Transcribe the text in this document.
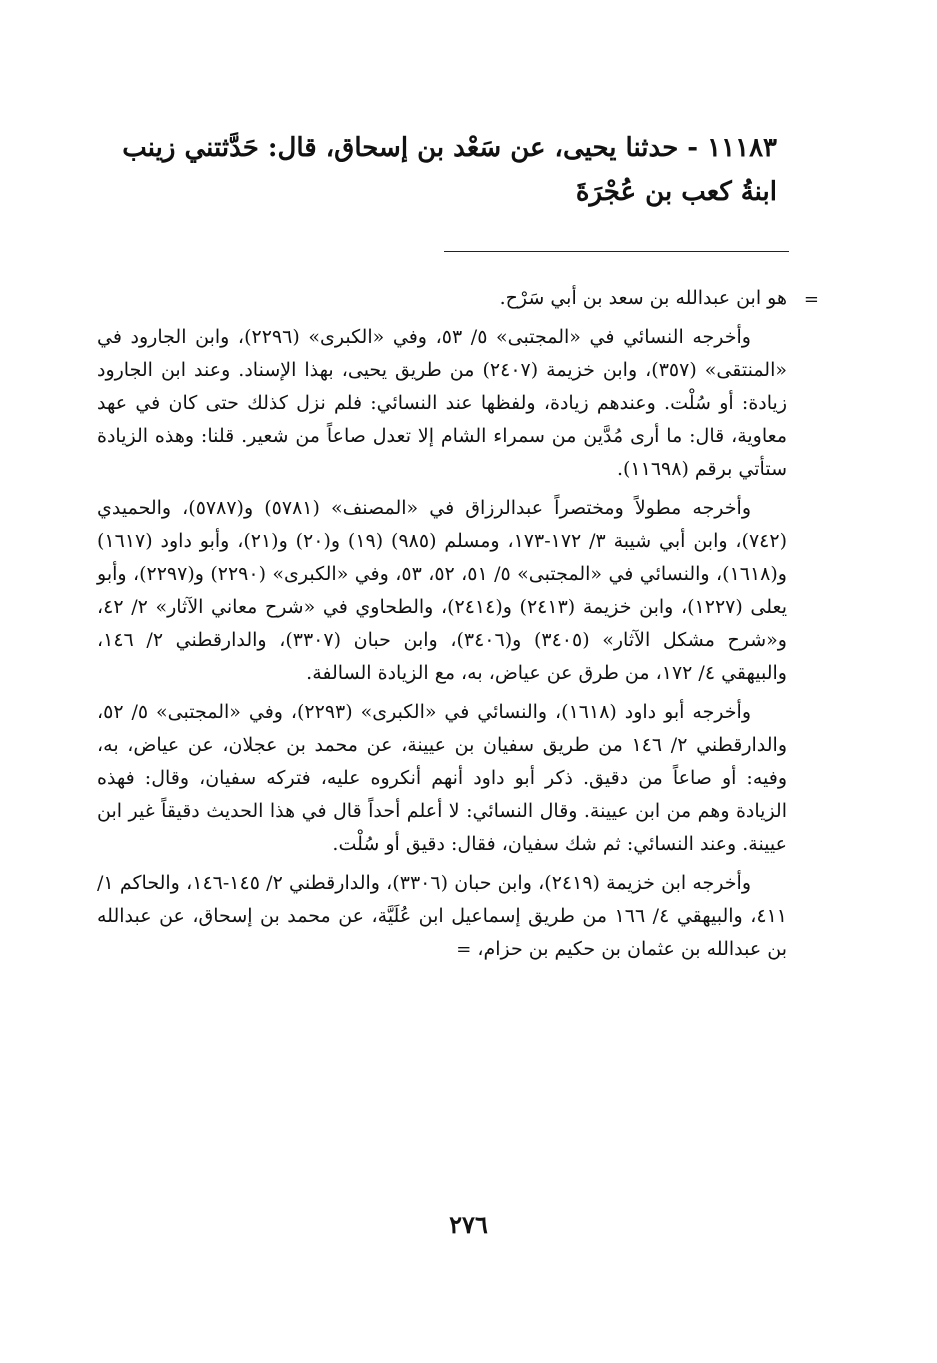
١١١٨٣ - حدثنا يحيى، عن سَعْد بن إسحاق، قال: حَدَّثتني زينب
ابنةُ كعب بن عُجْرَةَ
=

هو ابن عبدالله بن سعد بن أبي سَرْح.

وأخرجه النسائي في «المجتبى» ٥/ ٥٣، وفي «الكبرى» (٢٢٩٦)، وابن الجارود في «المنتقى» (٣٥٧)، وابن خزيمة (٢٤٠٧) من طريق يحيى، بهذا الإسناد. وعند ابن الجارود زيادة: أو سُلْت. وعندهم زيادة، ولفظها عند النسائي: فلم نزل كذلك حتى كان في عهد معاوية، قال: ما أرى مُدَّين من سمراء الشام إلا تعدل صاعاً من شعير. قلنا: وهذه الزيادة ستأتي برقم (١١٦٩٨).

وأخرجه مطولاً ومختصراً عبدالرزاق في «المصنف» (٥٧٨١) و(٥٧٨٧)، والحميدي (٧٤٢)، وابن أبي شيبة ٣/ ١٧٢-١٧٣، ومسلم (٩٨٥) (١٩) و(٢٠) و(٢١)، وأبو داود (١٦١٧) و(١٦١٨)، والنسائي في «المجتبى» ٥/ ٥١، ٥٢، ٥٣، وفي «الكبرى» (٢٢٩٠) و(٢٢٩٧)، وأبو يعلى (١٢٢٧)، وابن خزيمة (٢٤١٣) و(٢٤١٤)، والطحاوي في «شرح معاني الآثار» ٢/ ٤٢، و«شرح مشكل الآثار» (٣٤٠٥) و(٣٤٠٦)، وابن حبان (٣٣٠٧)، والدارقطني ٢/ ١٤٦، والبيهقي ٤/ ١٧٢، من طرق عن عياض، به، مع الزيادة السالفة.

وأخرجه أبو داود (١٦١٨)، والنسائي في «الكبرى» (٢٢٩٣)، وفي «المجتبى» ٥/ ٥٢، والدارقطني ٢/ ١٤٦ من طريق سفيان بن عيينة، عن محمد بن عجلان، عن عياض، به، وفيه: أو صاعاً من دقيق. ذكر أبو داود أنهم أنكروه عليه، فتركه سفيان، وقال: فهذه الزيادة وهم من ابن عيينة. وقال النسائي: لا أعلم أحداً قال في هذا الحديث دقيقاً غير ابن عيينة. وعند النسائي: ثم شك سفيان، فقال: دقيق أو سُلْت.

وأخرجه ابن خزيمة (٢٤١٩)، وابن حبان (٣٣٠٦)، والدارقطني ٢/ ١٤٥-١٤٦، والحاكم ١/ ٤١١، والبيهقي ٤/ ١٦٦ من طريق إسماعيل ابن عُلَيَّة، عن محمد بن إسحاق، عن عبدالله بن عبدالله بن عثمان بن حكيم بن حزام،=

٢٧٦
